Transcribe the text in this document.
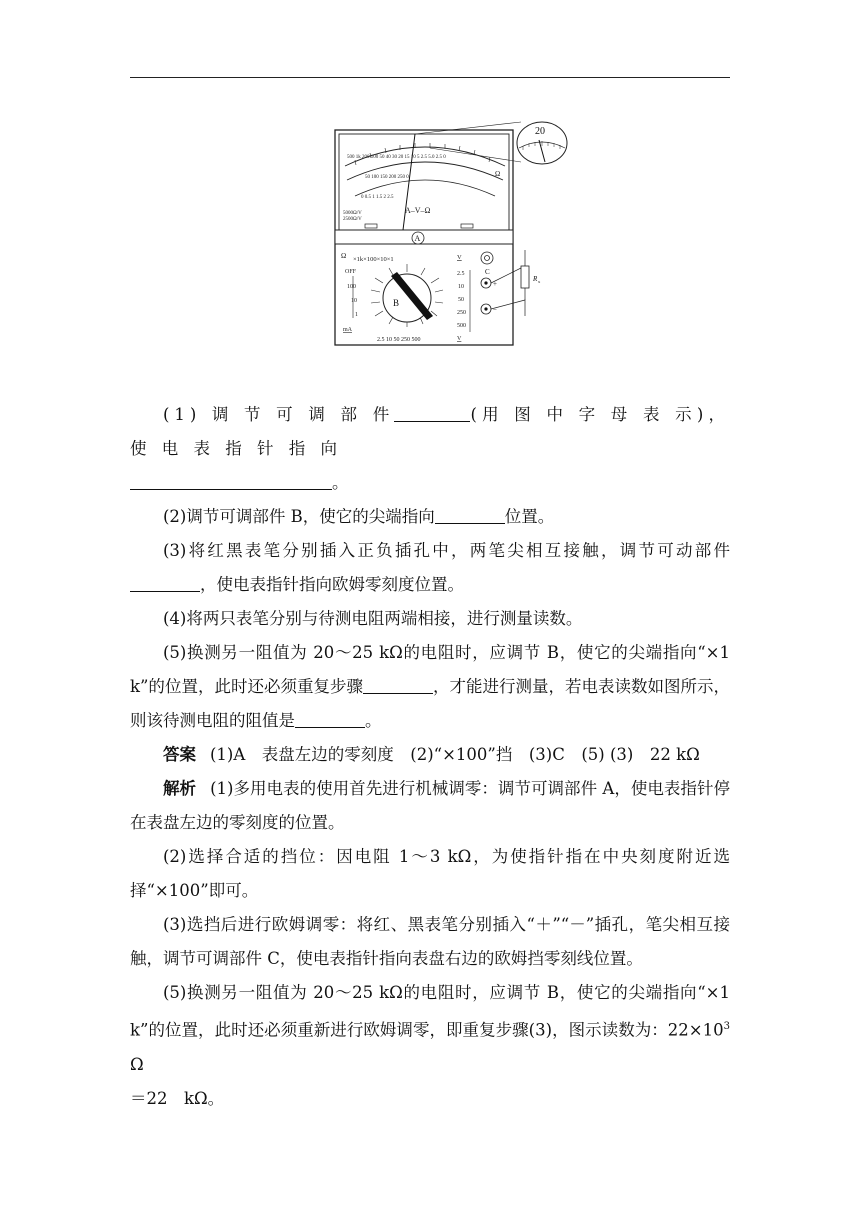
500 1k 200 100 50 40 30 20 15 10 5 2.5 5.0 2.5 0
Ω
50 100 150 200 250 0
0 0.5 1 1.5 2 2.5
5000Ω/V
2500Ω/V
A–V–Ω
A
20
Ω ×1k×100×10×1	V
OFF
100
10
1
2.5
10
50
250
500
mA
2.5 10 50 250 500	V
B
C
+
−
R x

(1) 调 节 可 调 部 件	(用 图 中 字 母 表 示)， 使 电 表 指 针 指 向

。

(2)调节可调部件 B，使它的尖端指向	位置。

(3)将红黑表笔分别插入正负插孔中，两笔尖相互接触，调节可动部件，使电表指针指向欧姆零刻度位置。

(4)将两只表笔分别与待测电阻两端相接，进行测量读数。

(5)换测另一阻值为 20～25 kΩ的电阻时，应调节 B，使它的尖端指向“×1 k”的位置，此时还必须重复步骤	，才能进行测量，若电表读数如图所示，则该待测电阻的阻值是	。

答案 (1)A　表盘左边的零刻度　(2)“×100”挡　(3)C　(5) (3)　22 kΩ

解析 (1)多用电表的使用首先进行机械调零：调节可调部件 A，使电表指针停在表盘左边的零刻度的位置。

(2)选择合适的挡位：因电阻 1～3 kΩ，为使指针指在中央刻度附近选择“×100”即可。

(3)选挡后进行欧姆调零：将红、黑表笔分别插入“＋”“－”插孔，笔尖相互接触，调节可调部件 C，使电表指针指向表盘右边的欧姆挡零刻线位置。

(5)换测另一阻值为 20～25 kΩ的电阻时，应调节 B，使它的尖端指向“×1 k”的位置，此时还必须重新进行欧姆调零，即重复步骤(3)，图示读数为：$22\times 10^3$ Ω

＝22　kΩ。
